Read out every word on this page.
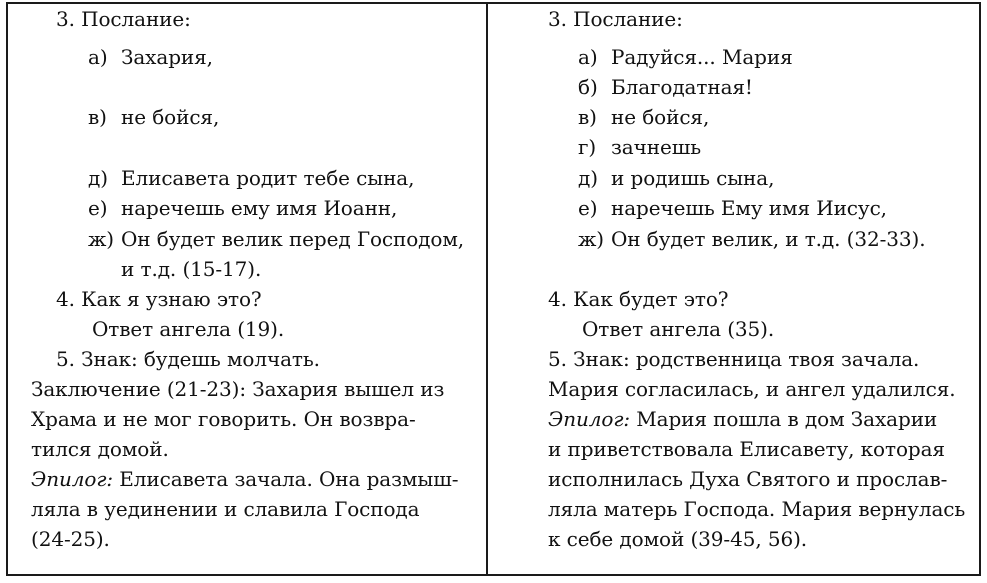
3. Послание:
а) Захария,
в) не бойся,
д) Елисавета родит тебе сына,
е) наречешь ему имя Иоанн,
ж) Он будет велик перед Господом,
и т.д. (15-17).
4. Как я узнаю это?
Ответ ангела (19).
5. Знак: будешь молчать.
Заключение (21-23): Захария вышел из
Храма и не мог говорить. Он возвра-
тился домой.
Эпилог: Елисавета зачала. Она размыш-
ляла в уединении и славила Господа
(24-25).
3. Послание:
а) Радуйся... Мария
б) Благодатная!
в) не бойся,
г) зачнешь
д) и родишь сына,
е) наречешь Ему имя Иисус,
ж) Он будет велик, и т.д. (32-33).
4. Как будет это?
Ответ ангела (35).
5. Знак: родственница твоя зачала.
Мария согласилась, и ангел удалился.
Эпилог: Мария пошла в дом Захарии
и приветствовала Елисавету, которая
исполнилась Духа Святого и прослав-
ляла матерь Господа. Мария вернулась
к себе домой (39-45, 56).
